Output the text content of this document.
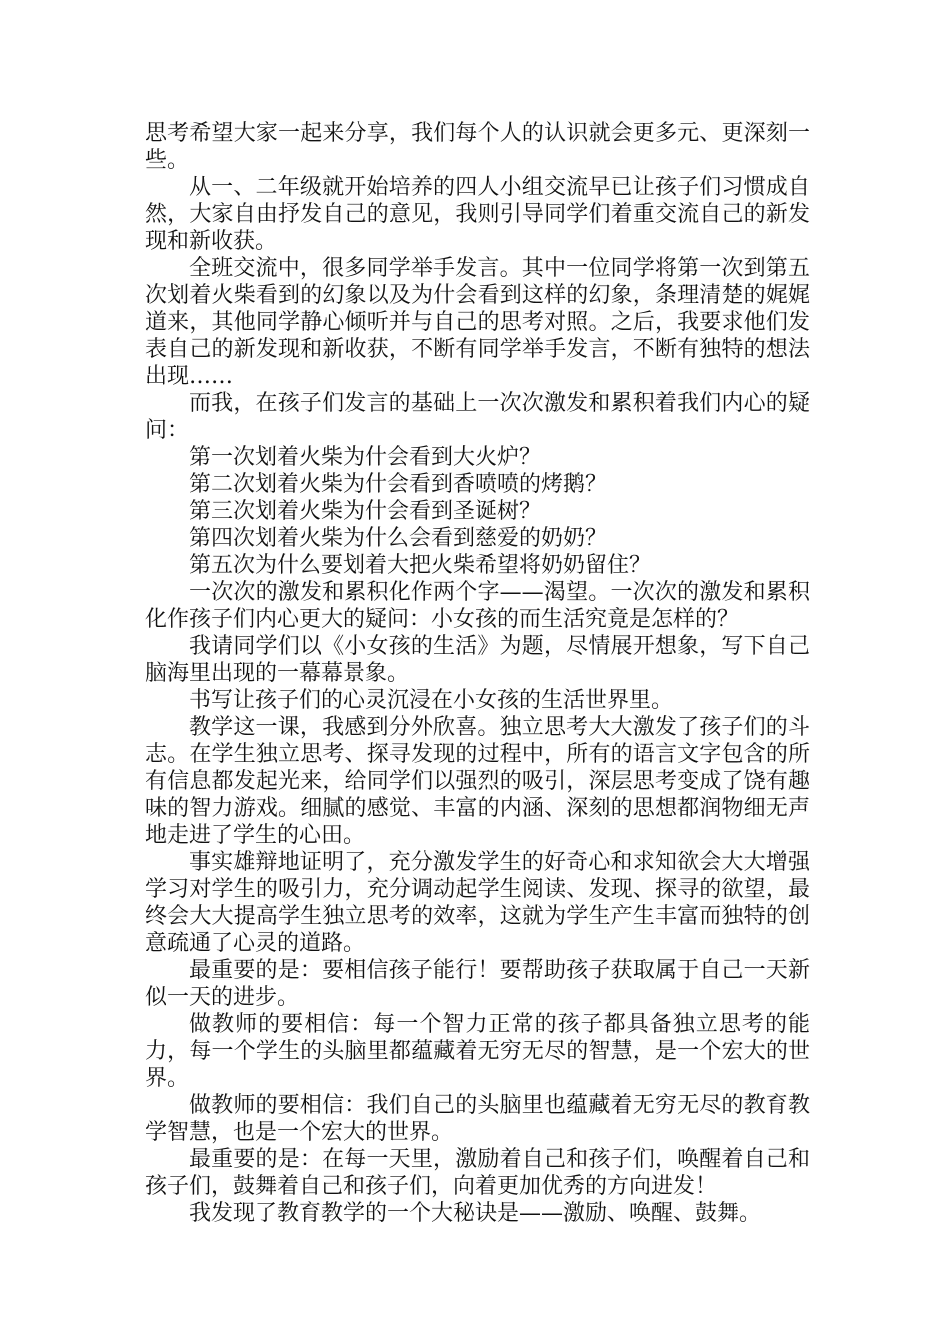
思考希望大家一起来分享，我们每个人的认识就会更多元、更深刻一些。

从一、二年级就开始培养的四人小组交流早已让孩子们习惯成自然，大家自由抒发自己的意见，我则引导同学们着重交流自己的新发现和新收获。

全班交流中，很多同学举手发言。其中一位同学将第一次到第五次划着火柴看到的幻象以及为什会看到这样的幻象，条理清楚的娓娓道来，其他同学静心倾听并与自己的思考对照。之后，我要求他们发表自己的新发现和新收获，不断有同学举手发言，不断有独特的想法出现……

而我，在孩子们发言的基础上一次次激发和累积着我们内心的疑问：

第一次划着火柴为什会看到大火炉？

第二次划着火柴为什会看到香喷喷的烤鹅？

第三次划着火柴为什会看到圣诞树？

第四次划着火柴为什么会看到慈爱的奶奶？

第五次为什么要划着大把火柴希望将奶奶留住？

一次次的激发和累积化作两个字——渴望。一次次的激发和累积化作孩子们内心更大的疑问：小女孩的而生活究竟是怎样的？

我请同学们以《小女孩的生活》为题，尽情展开想象，写下自己脑海里出现的一幕幕景象。

书写让孩子们的心灵沉浸在小女孩的生活世界里。

教学这一课，我感到分外欣喜。独立思考大大激发了孩子们的斗志。在学生独立思考、探寻发现的过程中，所有的语言文字包含的所有信息都发起光来，给同学们以强烈的吸引，深层思考变成了饶有趣味的智力游戏。细腻的感觉、丰富的内涵、深刻的思想都润物细无声地走进了学生的心田。

事实雄辩地证明了，充分激发学生的好奇心和求知欲会大大增强学习对学生的吸引力，充分调动起学生阅读、发现、探寻的欲望，最终会大大提高学生独立思考的效率，这就为学生产生丰富而独特的创意疏通了心灵的道路。

最重要的是：要相信孩子能行！要帮助孩子获取属于自己一天新似一天的进步。

做教师的要相信：每一个智力正常的孩子都具备独立思考的能力，每一个学生的头脑里都蕴藏着无穷无尽的智慧，是一个宏大的世界。

做教师的要相信：我们自己的头脑里也蕴藏着无穷无尽的教育教学智慧，也是一个宏大的世界。

最重要的是：在每一天里，激励着自己和孩子们，唤醒着自己和孩子们，鼓舞着自己和孩子们，向着更加优秀的方向进发！

我发现了教育教学的一个大秘诀是——激励、唤醒、鼓舞。
